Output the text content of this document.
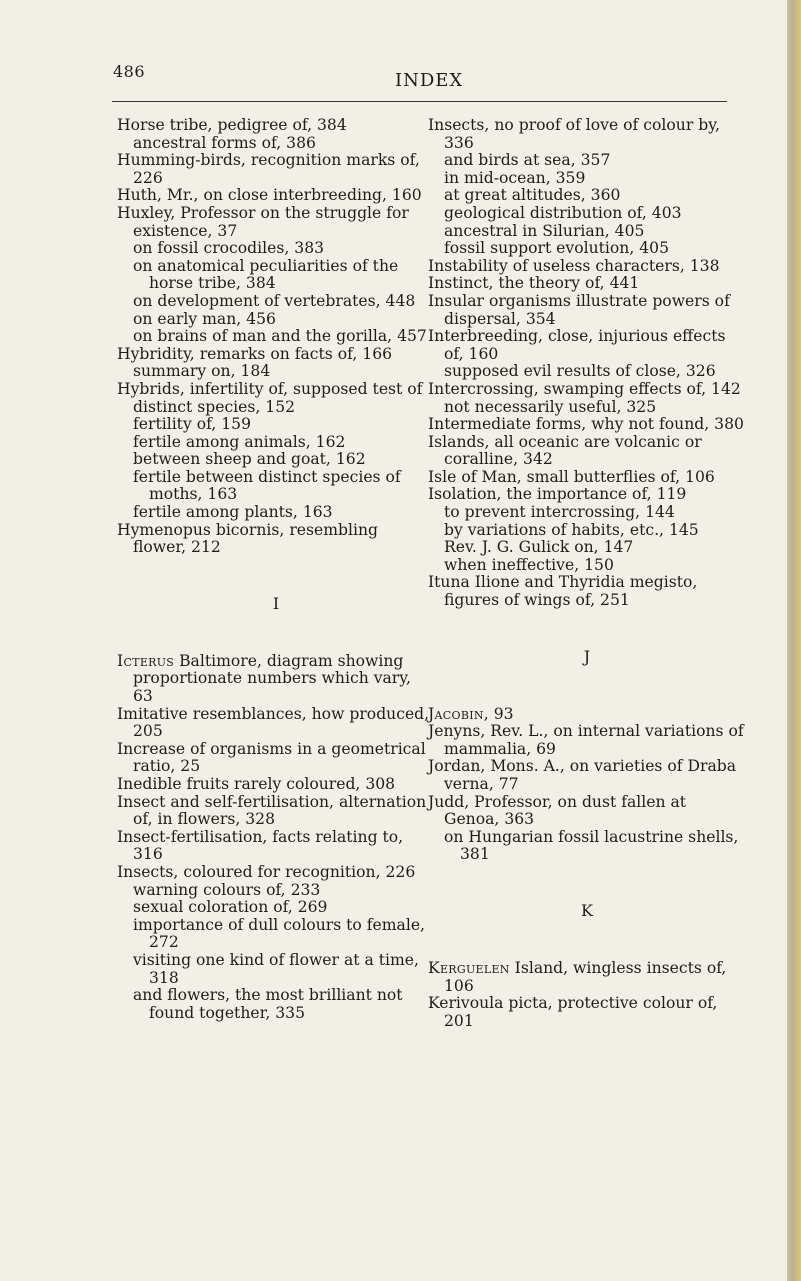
486	INDEX
Horse tribe, pedigree of, 384
ancestral forms of, 386
Humming-birds, recognition marks of, 226
Huth, Mr., on close interbreeding, 160
Huxley, Professor on the struggle for existence, 37
on fossil crocodiles, 383
on anatomical peculiarities of the horse tribe, 384
on development of vertebrates, 448
on early man, 456
on brains of man and the gorilla, 457
Hybridity, remarks on facts of, 166
summary on, 184
Hybrids, infertility of, supposed test of distinct species, 152
fertility of, 159
fertile among animals, 162
between sheep and goat, 162
fertile between distinct species of moths, 163
fertile among plants, 163
Hymenopus bicornis, resembling flower, 212
I
Icterus Baltimore, diagram showing proportionate numbers which vary, 63
Imitative resemblances, how produced, 205
Increase of organisms in a geometrical ratio, 25
Inedible fruits rarely coloured, 308
Insect and self-fertilisation, alternation of, in flowers, 328
Insect-fertilisation, facts relating to, 316
Insects, coloured for recognition, 226
warning colours of, 233
sexual coloration of, 269
importance of dull colours to female, 272
visiting one kind of flower at a time, 318
and flowers, the most brilliant not found together, 335
Insects, no proof of love of colour by, 336
and birds at sea, 357
in mid-ocean, 359
at great altitudes, 360
geological distribution of, 403
ancestral in Silurian, 405
fossil support evolution, 405
Instability of useless characters, 138
Instinct, the theory of, 441
Insular organisms illustrate powers of dispersal, 354
Interbreeding, close, injurious effects of, 160
supposed evil results of close, 326
Intercrossing, swamping effects of, 142
not necessarily useful, 325
Intermediate forms, why not found, 380
Islands, all oceanic are volcanic or coralline, 342
Isle of Man, small butterflies of, 106
Isolation, the importance of, 119
to prevent intercrossing, 144
by variations of habits, etc., 145
Rev. J. G. Gulick on, 147
when ineffective, 150
Ituna Ilione and Thyridia megisto, figures of wings of, 251
J
Jacobin, 93
Jenyns, Rev. L., on internal variations of mammalia, 69
Jordan, Mons. A., on varieties of Draba verna, 77
Judd, Professor, on dust fallen at Genoa, 363
on Hungarian fossil lacustrine shells, 381
K
Kerguelen Island, wingless insects of, 106
Kerivoula picta, protective colour of, 201
